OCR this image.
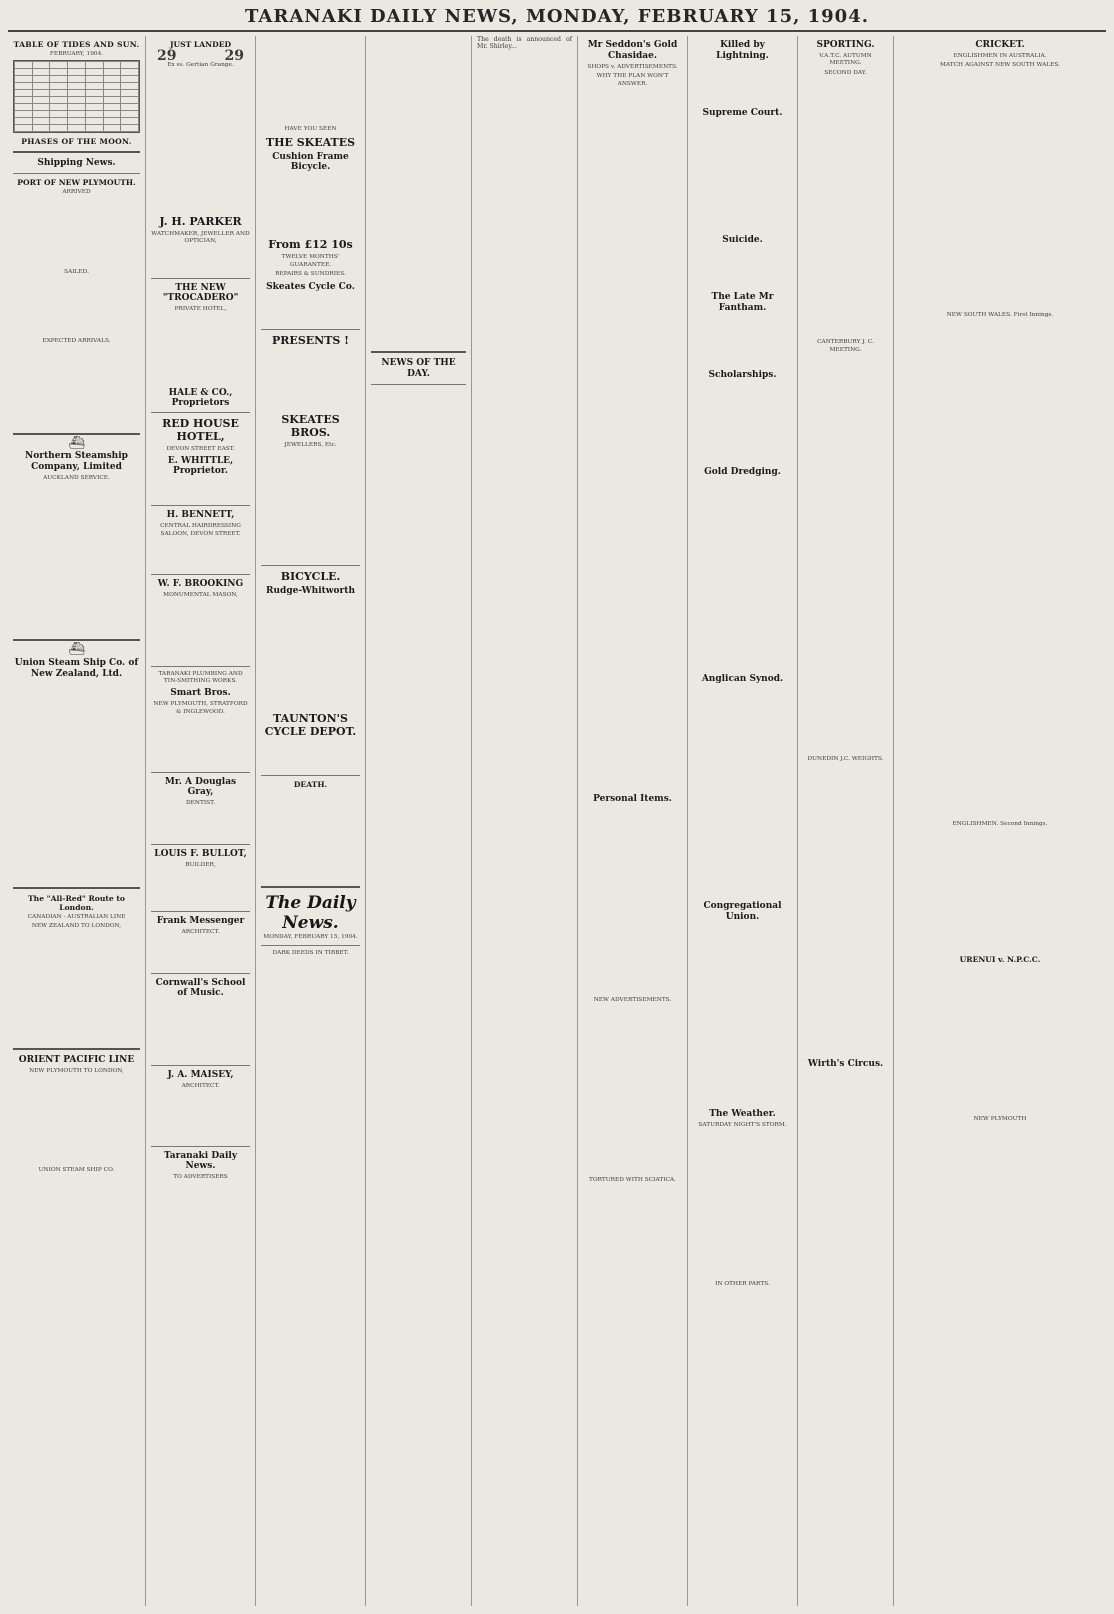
TARANAKI DAILY NEWS, MONDAY, FEBRUARY 15, 1904.
TABLE OF TIDES AND SUN.
FEBRUARY, 1904.

PHASES OF THE MOON.
Shipping News.
PORT OF NEW PLYMOUTH.
ARRIVED
SAILED.
EXPECTED ARRIVALS.
⛴
Northern Steamship Company, Limited
AUCKLAND SERVICE.
⛴
Union Steam Ship Co. of New Zealand, Ltd.
The "All-Red" Route to London.
CANADIAN - AUSTRALIAN LINE
NEW ZEALAND TO LONDON,
ORIENT PACIFIC LINE
NEW PLYMOUTH TO LONDON,
UNION STEAM SHIP CO.
JUST LANDED
29	29
Ex ss. Gertian Grange.
J. H. PARKER
WATCHMAKER, JEWELLER AND OPTICIAN,
THE NEW "TROCADERO"
PRIVATE HOTEL,
HALE & CO., Proprietors
RED HOUSE HOTEL,
DEVON STREET EAST.
E. WHITTLE, Proprietor.
H. BENNETT,
CENTRAL HAIRDRESSING SALOON, DEVON STREET.
W. F. BROOKING
MONUMENTAL MASON,
TARANAKI PLUMBING AND TIN-SMITHING WORKS.
Smart Bros.
NEW PLYMOUTH, STRATFORD & INGLEWOOD.
Mr. A Douglas Gray,
DENTIST.
LOUIS F. BULLOT,
BUILDER,
Frank Messenger
ARCHITECT.
Cornwall's School of Music.
J. A. MAISEY,
ARCHITECT.
Taranaki Daily News.
TO ADVERTISERS
HAVE YOU SEEN
THE SKEATES
Cushion Frame Bicycle.
From £12 10s
TWELVE MONTHS' GUARANTEE.
REPAIRS & SUNDRIES.
Skeates Cycle Co.
PRESENTS !
SKEATES BROS.
JEWELLERS, Etc.
BICYCLE.
Rudge-Whitworth
TAUNTON'S CYCLE DEPOT.
DEATH.
The Daily News.
MONDAY, FEBRUARY 15, 1904.
DARK DEEDS IN TIBBET.
NEWS OF THE DAY.
The death is announced of Mr. Shirley...	Mr Seddon's Gold Chasidae.
SHOPS v. ADVERTISEMENTS.
WHY THE PLAN WON'T ANSWER.
Personal Items.
NEW ADVERTISEMENTS.
TORTURED WITH SCIATICA.
Killed by Lightning.
Supreme Court.
Suicide.
The Late Mr Fantham.
Scholarships.
Gold Dredging.
Anglican Synod.
Congregational Union.
The Weather.
SATURDAY NIGHT'S STORM.
IN OTHER PARTS.
SPORTING.
V.A.T.C. AUTUMN MEETING.
SECOND DAY.
CANTERBURY J. C. MEETING.
DUNEDIN J.C. WEIGHTS.
Wirth's Circus.
CRICKET.
ENGLISHMEN IN AUSTRALIA.
MATCH AGAINST NEW SOUTH WALES.
NEW SOUTH WALES. First Innings.
ENGLISHMEN. Second Innings.
URENUI v. N.P.C.C.
NEW PLYMOUTH
